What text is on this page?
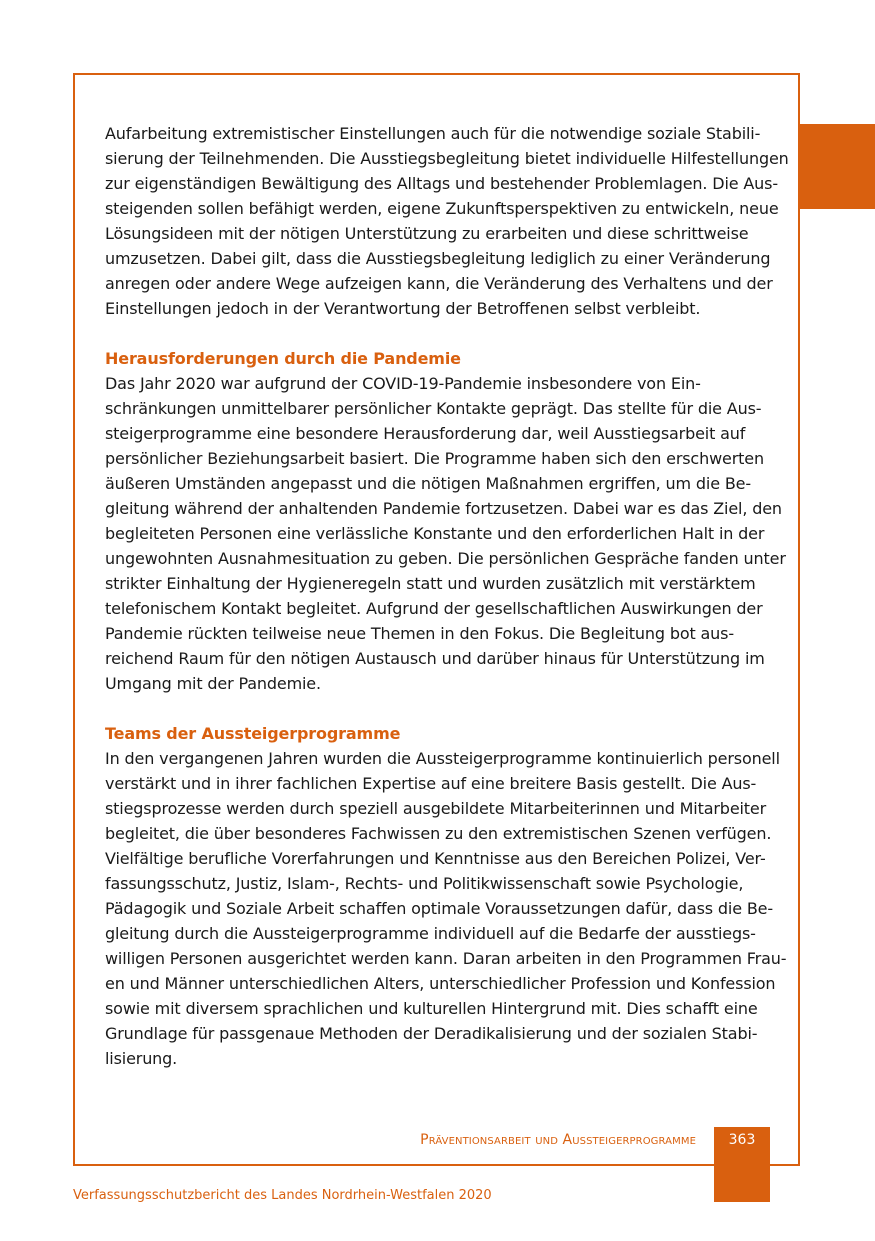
Aufarbeitung extremistischer Einstellungen auch für die notwendige soziale Stabili-
sierung der Teilnehmenden. Die Ausstiegsbegleitung bietet individuelle Hilfestellungen
zur eigenständigen Bewältigung des Alltags und bestehender Problemlagen. Die Aus-
steigenden sollen befähigt werden, eigene Zukunftsperspektiven zu entwickeln, neue
Lösungsideen mit der nötigen Unterstützung zu erarbeiten und diese schrittweise
umzusetzen. Dabei gilt, dass die Ausstiegsbegleitung lediglich zu einer Veränderung
anregen oder andere Wege aufzeigen kann, die Veränderung des Verhaltens und der
Einstellungen jedoch in der Verantwortung der Betroffenen selbst verbleibt.

Herausforderungen durch die Pandemie

Das Jahr 2020 war aufgrund der COVID-19-Pandemie insbesondere von Ein-
schränkungen unmittelbarer persönlicher Kontakte geprägt. Das stellte für die Aus-
steigerprogramme eine besondere Herausforderung dar, weil Ausstiegsarbeit auf
persönlicher Beziehungsarbeit basiert. Die Programme haben sich den erschwerten
äußeren Umständen angepasst und die nötigen Maßnahmen ergriffen, um die Be-
gleitung während der anhaltenden Pandemie fortzusetzen. Dabei war es das Ziel, den
begleiteten Personen eine verlässliche Konstante und den erforderlichen Halt in der
ungewohnten Ausnahmesituation zu geben. Die persönlichen Gespräche fanden unter
strikter Einhaltung der Hygieneregeln statt und wurden zusätzlich mit verstärktem
telefonischem Kontakt begleitet. Aufgrund der gesellschaftlichen Auswirkungen der
Pandemie rückten teilweise neue Themen in den Fokus. Die Begleitung bot aus-
reichend Raum für den nötigen Austausch und darüber hinaus für Unterstützung im
Umgang mit der Pandemie.

Teams der Aussteigerprogramme

In den vergangenen Jahren wurden die Aussteigerprogramme kontinuierlich personell
verstärkt und in ihrer fachlichen Expertise auf eine breitere Basis gestellt. Die Aus-
stiegsprozesse werden durch speziell ausgebildete Mitarbeiterinnen und Mitarbeiter
begleitet, die über besonderes Fachwissen zu den extremistischen Szenen verfügen.
Vielfältige berufliche Vorerfahrungen und Kenntnisse aus den Bereichen Polizei, Ver-
fassungsschutz, Justiz, Islam-, Rechts- und Politikwissenschaft sowie Psychologie,
Pädagogik und Soziale Arbeit schaffen optimale Voraussetzungen dafür, dass die Be-
gleitung durch die Aussteigerprogramme individuell auf die Bedarfe der ausstiegs-
willigen Personen ausgerichtet werden kann. Daran arbeiten in den Programmen Frau-
en und Männer unterschiedlichen Alters, unterschiedlicher Profession und Konfession
sowie mit diversem sprachlichen und kulturellen Hintergrund mit. Dies schafft eine
Grundlage für passgenaue Methoden der Deradikalisierung und der sozialen Stabi-
lisierung.

Präventionsarbeit und Aussteigerprogramme	363
Verfassungsschutzbericht des Landes Nordrhein-Westfalen 2020
